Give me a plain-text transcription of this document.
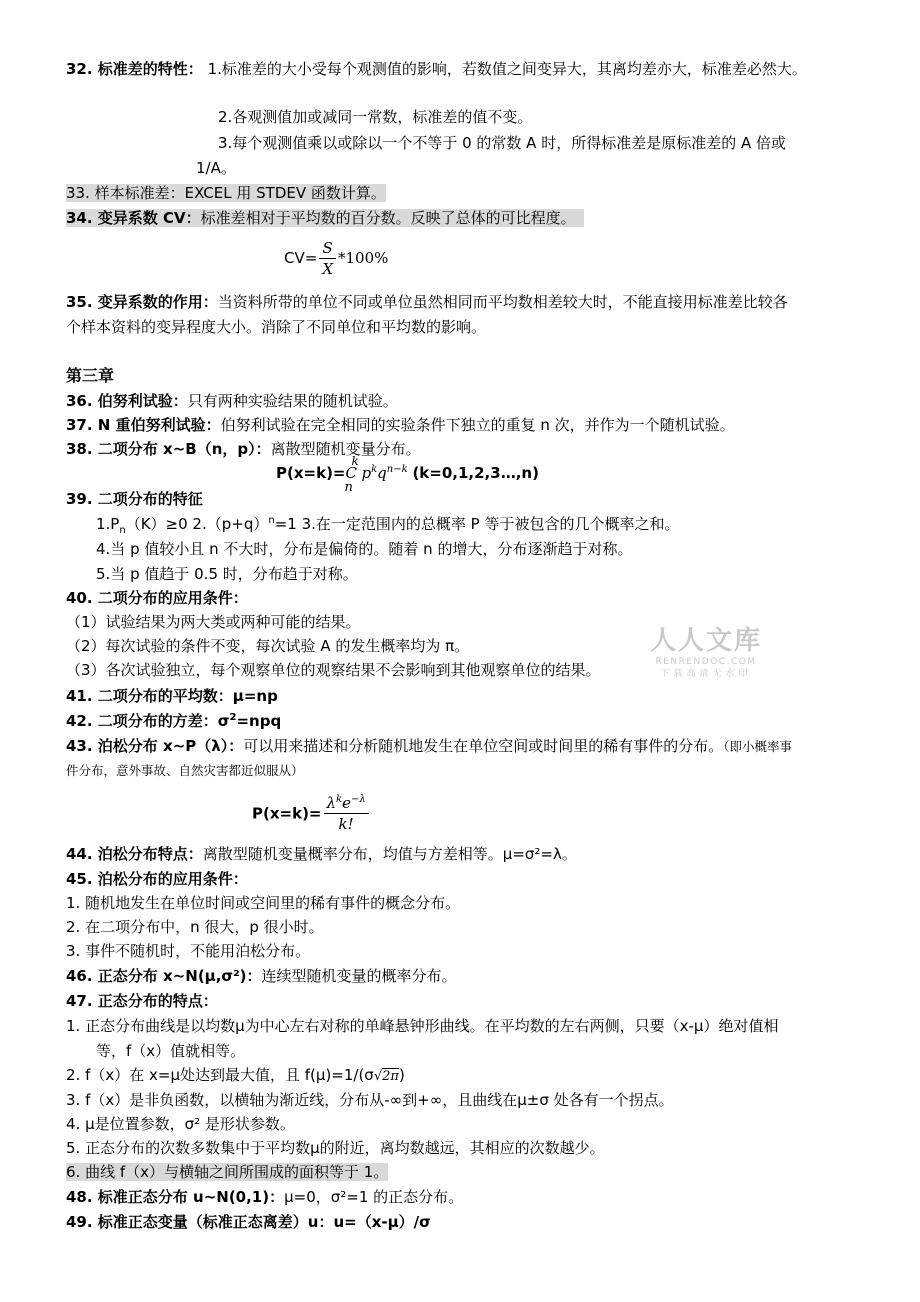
32. 标准差的特性： 1.标准差的大小受每个观测值的影响，若数值之间变异大，其离均差亦大，标准差必然大。
2.各观测值加或减同一常数，标准差的值不变。
3.每个观测值乘以或除以一个不等于 0 的常数 A 时，所得标准差是原标准差的 A 倍或
1/A。
33. 样本标准差：EXCEL 用 STDEV 函数计算。
34. 变异系数 CV：标准差相对于平均数的百分数。反映了总体的可比程度。
$CV= \frac{S}{X} *100\%$
35. 变异系数的作用：当资料所带的单位不同或单位虽然相同而平均数相差较大时，不能直接用标准差比较各
个样本资料的变异程度大小。消除了不同单位和平均数的影响。
第三章
36. 伯努利试验：只有两种实验结果的随机试验。
37. N 重伯努利试验：伯努利试验在完全相同的实验条件下独立的重复 n 次，并作为一个随机试验。
38. 二项分布 x~B（n，p）：离散型随机变量分布。
P(x=k)=C
k
n
$p^kq^{n-k}$ (k=0,1,2,3…,n)
39. 二项分布的特征
$1.P_n(K)\ge 0$ $2.(p+q)^n=1$ 3.在一定范围内的总概率 P 等于被包含的几个概率之和。
4.当 p 值较小且 n 不大时，分布是偏倚的。随着 n 的增大，分布逐渐趋于对称。
5.当 p 值趋于 0.5 时，分布趋于对称。
40. 二项分布的应用条件：
（1）试验结果为两大类或两种可能的结果。
（2）每次试验的条件不变，每次试验 A 的发生概率均为 π。
（3）各次试验独立，每个观察单位的观察结果不会影响到其他观察单位的结果。
人人文库
RENRENDOC.COM
下载高清无水印
41. 二项分布的平均数：μ=np
42. 二项分布的方差：$\sigma^2=npq$
43. 泊松分布 x~P（λ）：可以用来描述和分析随机地发生在单位空间或时间里的稀有事件的分布。（即小概率事
件分布，意外事故、自然灾害都近似服从）
$P(x=k)= \frac{\lambda^ke^{-\lambda}}{k!}$
44. 泊松分布特点：离散型随机变量概率分布，均值与方差相等。μ=σ²=λ。
45. 泊松分布的应用条件：
1. 随机地发生在单位时间或空间里的稀有事件的概念分布。
2. 在二项分布中，n 很大，p 很小时。
3. 事件不随机时，不能用泊松分布。
46. 正态分布 x~N(μ,σ²)：连续型随机变量的概率分布。
47. 正态分布的特点：
1. 正态分布曲线是以均数μ为中心左右对称的单峰悬钟形曲线。在平均数的左右两侧，只要（x-μ）绝对值相
等，f（x）值就相等。
2. f（x）在 x=μ处达到最大值，且 f(μ)=1/(σ√2π)
3. f（x）是非负函数，以横轴为渐近线，分布从-∞到+∞，且曲线在μ±σ 处各有一个拐点。
4. μ是位置参数，σ² 是形状参数。
5. 正态分布的次数多数集中于平均数μ的附近，离均数越远，其相应的次数越少。
6. 曲线 f（x）与横轴之间所围成的面积等于 1。
48. 标准正态分布 u~N(0,1)：μ=0，σ²=1 的正态分布。
49. 标准正态变量（标准正态离差）u：u=（x-μ）/σ
